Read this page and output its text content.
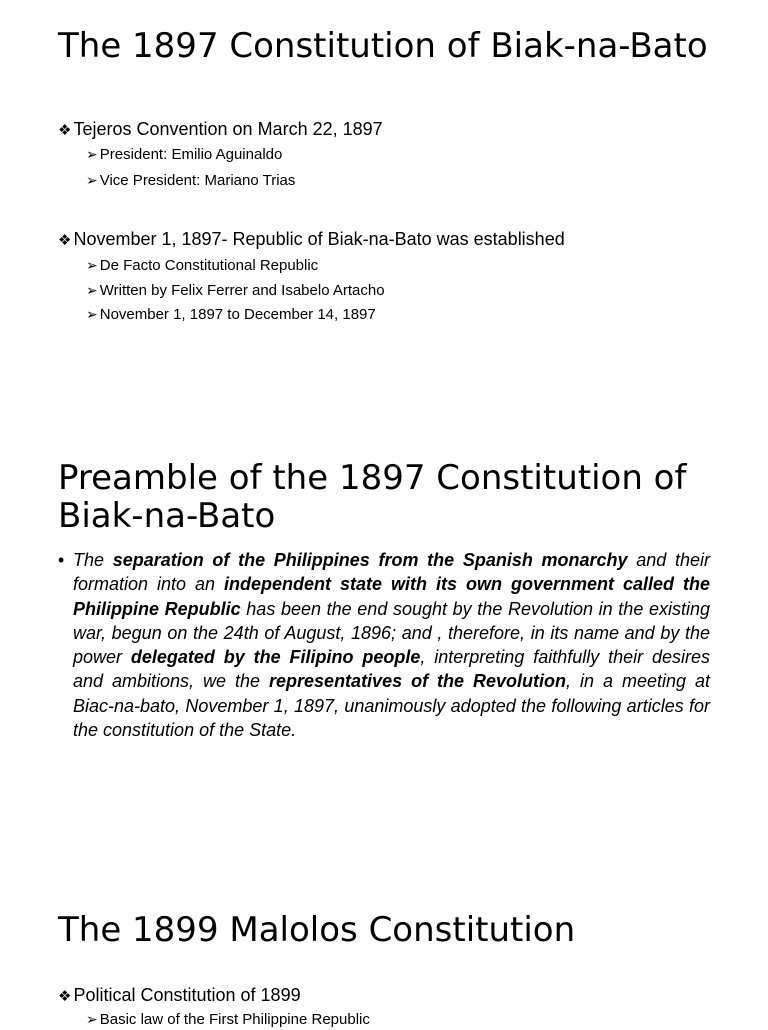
The 1897 Constitution of Biak-na-Bato
❖ Tejeros Convention on March 22, 1897
➢ President: Emilio Aguinaldo
➢ Vice President: Mariano Trias
❖ November 1, 1897- Republic of Biak-na-Bato was established
➢ De Facto Constitutional Republic
➢ Written by Felix Ferrer and Isabelo Artacho
➢ November 1, 1897 to December 14, 1897
Preamble of the 1897 Constitution of Biak-na-Bato
• The separation of the Philippines from the Spanish monarchy and their formation into an independent state with its own government called the Philippine Republic has been the end sought by the Revolution in the existing war, begun on the 24th of August, 1896; and , therefore, in its name and by the power delegated by the Filipino people, interpreting faithfully their desires and ambitions, we the representatives of the Revolution, in a meeting at Biac-na-bato, November 1, 1897, unanimously adopted the following articles for the constitution of the State.
The 1899 Malolos Constitution
❖ Political Constitution of 1899
➢ Basic law of the First Philippine Republic
